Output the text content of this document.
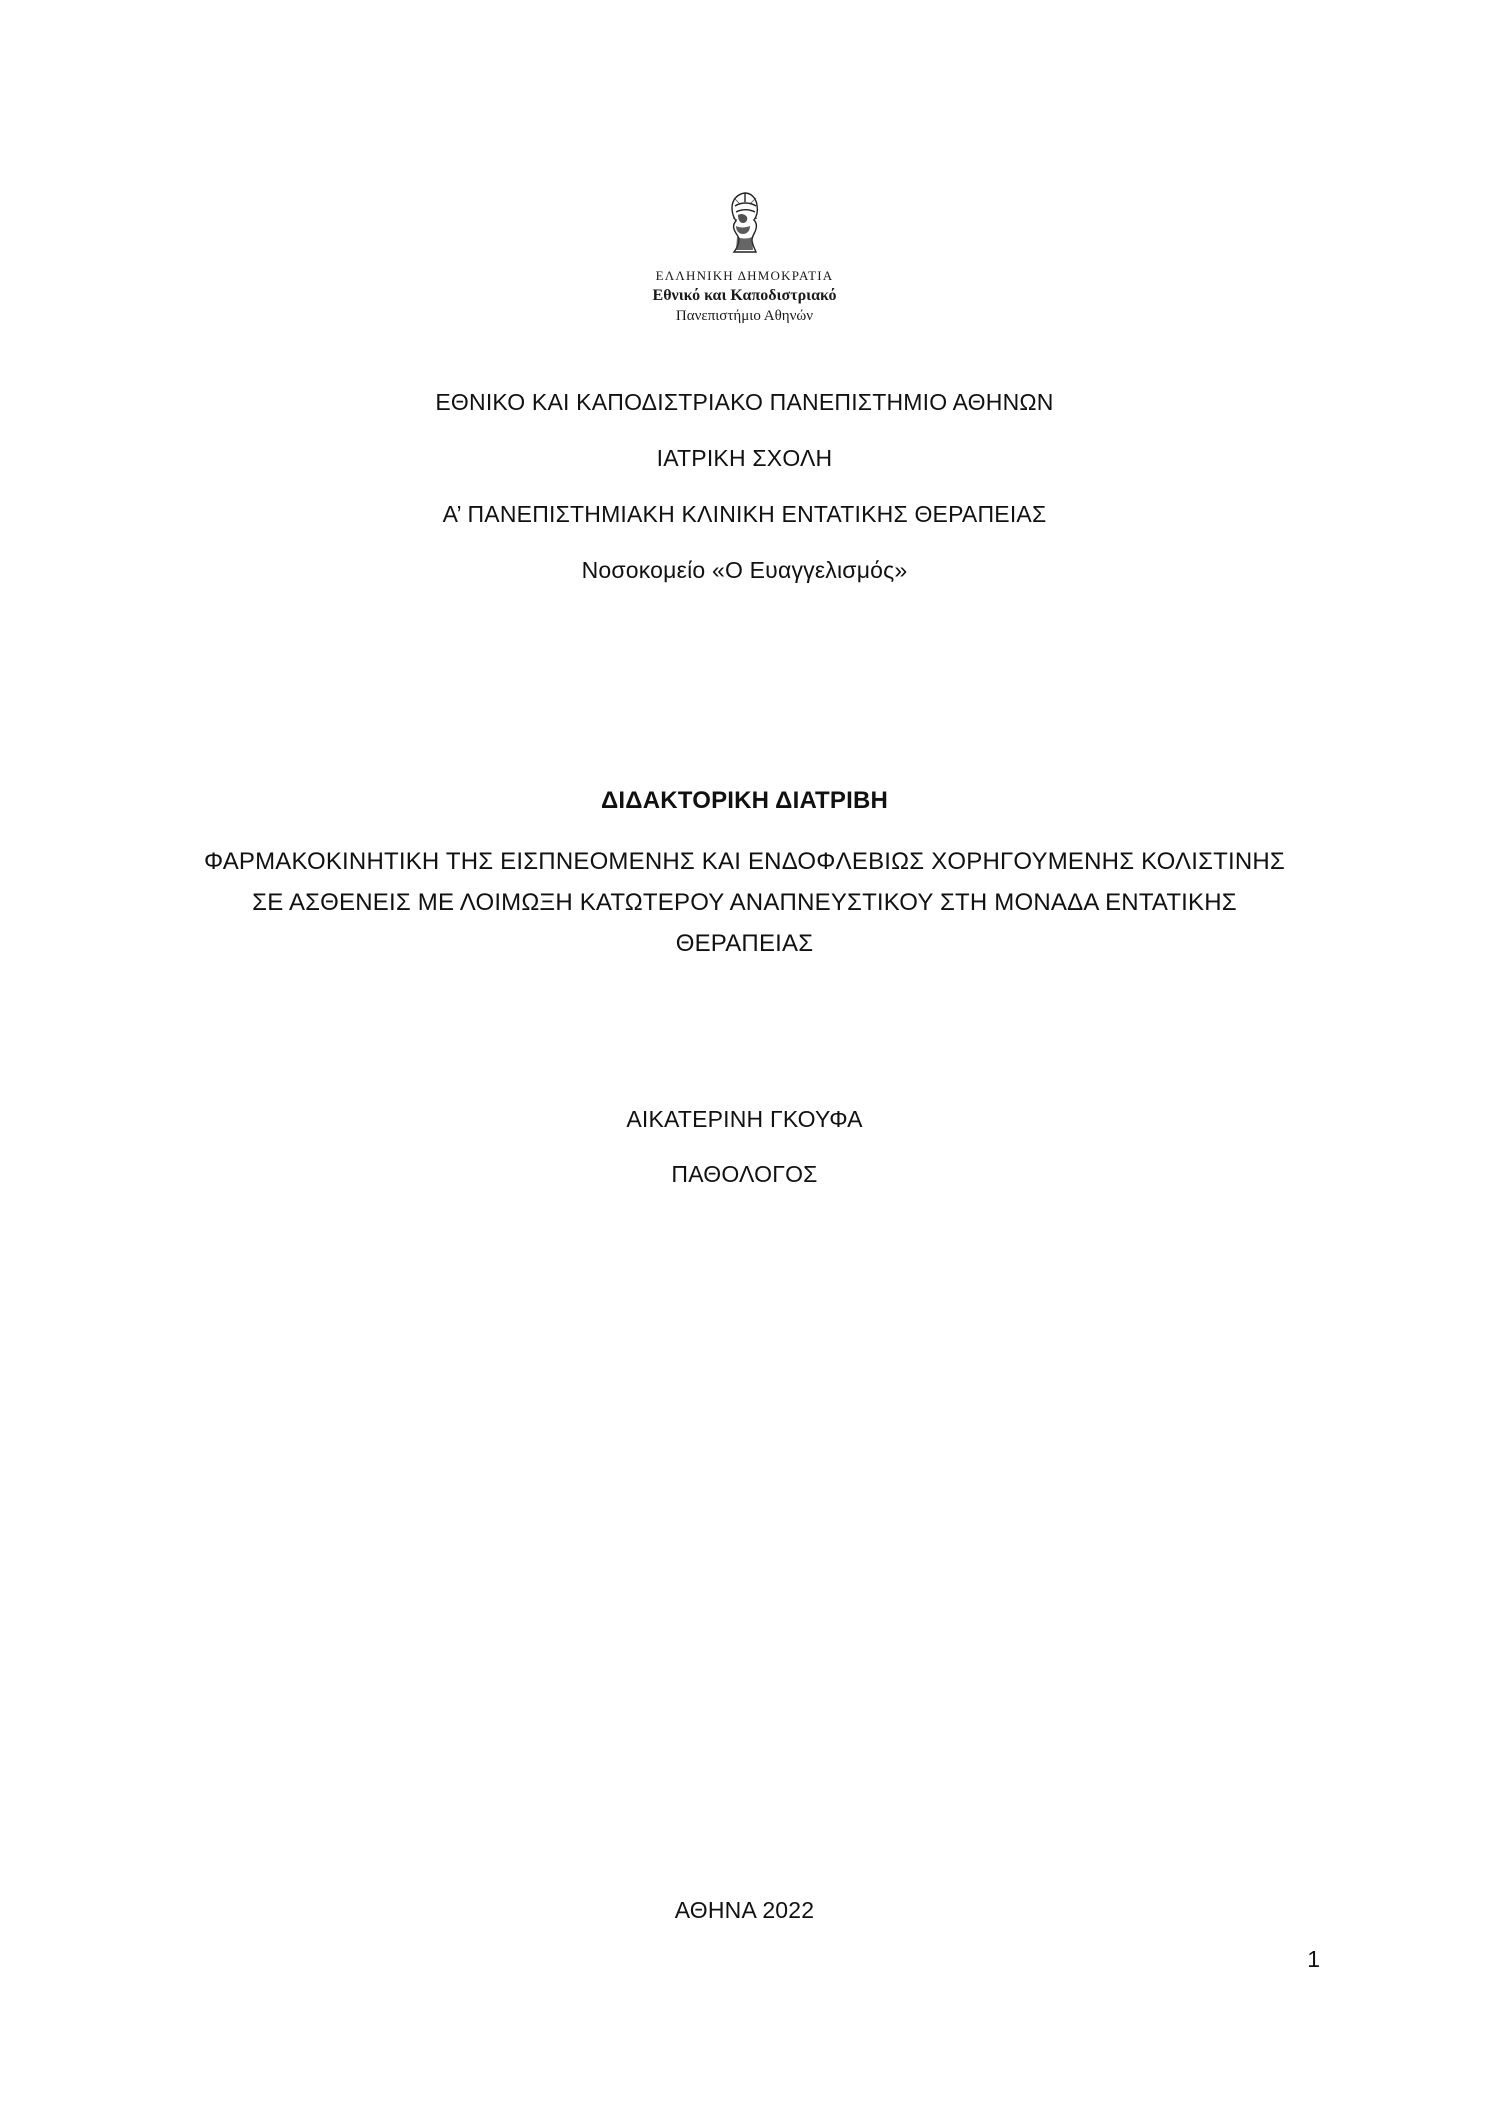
ΕΛΛΗΝΙΚΗ ΔΗΜΟΚΡΑΤΙΑ
Εθνικό και Καποδιστριακό
Πανεπιστήμιο Αθηνών
ΕΘΝΙΚΟ ΚΑΙ ΚΑΠΟΔΙΣΤΡΙΑΚΟ ΠΑΝΕΠΙΣΤΗΜΙΟ ΑΘΗΝΩΝ
ΙΑΤΡΙΚΗ ΣΧΟΛΗ
Α’ ΠΑΝΕΠΙΣΤΗΜΙΑΚΗ ΚΛΙΝΙΚΗ ΕΝΤΑΤΙΚΗΣ ΘΕΡΑΠΕΙΑΣ
Νοσοκομείο «Ο Ευαγγελισμός»
ΔΙΔΑΚΤΟΡΙΚΗ ΔΙΑΤΡΙΒΗ
ΦΑΡΜΑΚΟΚΙΝΗΤΙΚΗ ΤΗΣ ΕΙΣΠΝΕΟΜΕΝΗΣ ΚΑΙ ΕΝΔΟΦΛΕΒΙΩΣ ΧΟΡΗΓΟΥΜΕΝΗΣ ΚΟΛΙΣΤΙΝΗΣ
ΣΕ ΑΣΘΕΝΕΙΣ ΜΕ ΛΟΙΜΩΞΗ ΚΑΤΩΤΕΡΟΥ ΑΝΑΠΝΕΥΣΤΙΚΟΥ ΣΤΗ ΜΟΝΑΔΑ ΕΝΤΑΤΙΚΗΣ
ΘΕΡΑΠΕΙΑΣ
ΑΙΚΑΤΕΡΙΝΗ ΓΚΟΥΦΑ
ΠΑΘΟΛΟΓΟΣ
ΑΘΗΝΑ 2022
1
